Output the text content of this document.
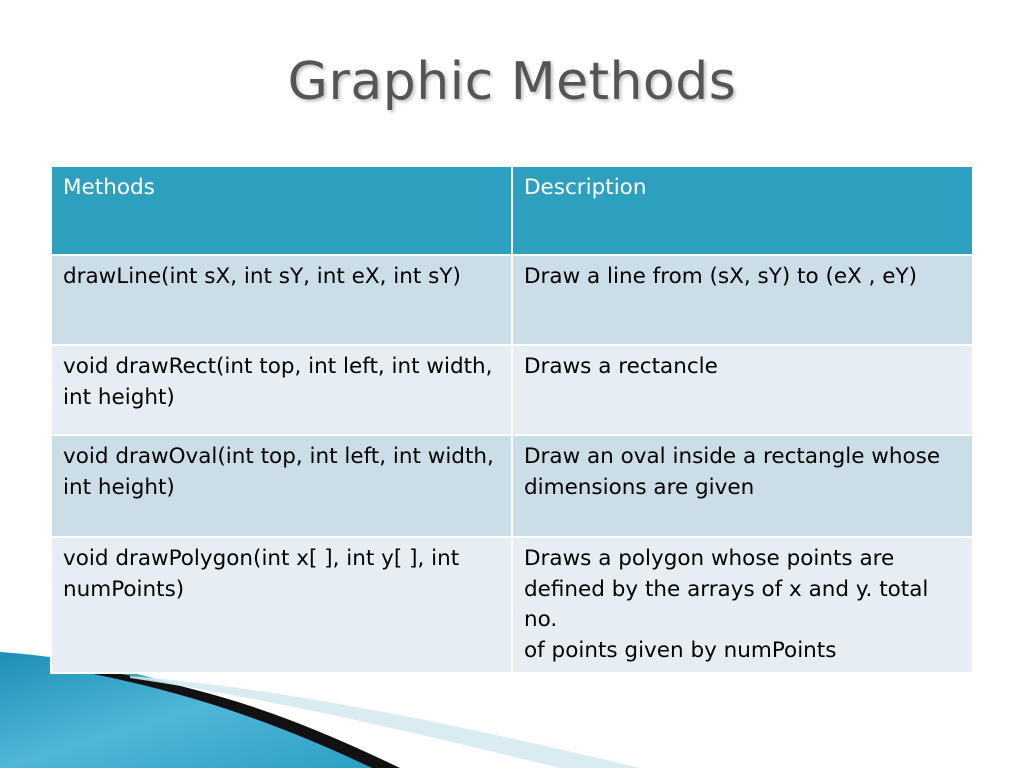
Graphic Methods
Methods	Description
drawLine(int sX, int sY, int eX, int sY)	Draw a line from (sX, sY) to (eX , eY)
void drawRect(int top, int left, int width, int height)	Draws a rectancle
void drawOval(int top, int left, int width, int height)	Draw an oval inside a rectangle whose
dimensions are given
void drawPolygon(int x[ ], int y[ ], int numPoints)	Draws a polygon whose points are defined by the arrays of x and y. total no.
of points given by numPoints
